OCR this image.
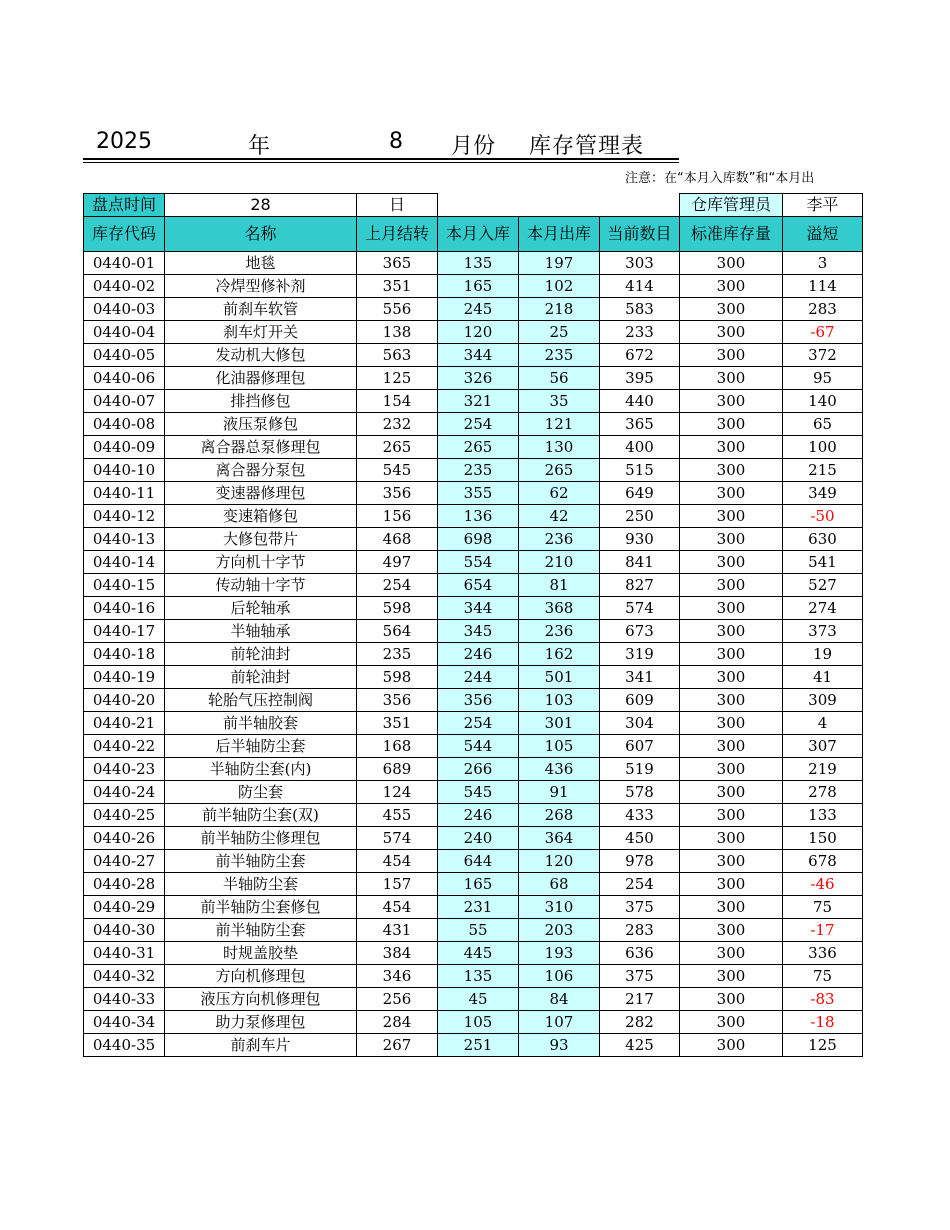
2025	年	8 月份 库存管理表
注意：在“本月入库数”和“本月出
盘点时间	28	日				仓库管理员	李平
库存代码	名称	上月结转	本月入库	本月出库	当前数目	标准库存量	溢短
0440-01	地毯	365	135	197	303	300	3
0440-02	冷焊型修补剂	351	165	102	414	300	114
0440-03	前刹车软管	556	245	218	583	300	283
0440-04	刹车灯开关	138	120	25	233	300	-67
0440-05	发动机大修包	563	344	235	672	300	372
0440-06	化油器修理包	125	326	56	395	300	95
0440-07	排挡修包	154	321	35	440	300	140
0440-08	液压泵修包	232	254	121	365	300	65
0440-09	离合器总泵修理包	265	265	130	400	300	100
0440-10	离合器分泵包	545	235	265	515	300	215
0440-11	变速器修理包	356	355	62	649	300	349
0440-12	变速箱修包	156	136	42	250	300	-50
0440-13	大修包带片	468	698	236	930	300	630
0440-14	方向机十字节	497	554	210	841	300	541
0440-15	传动轴十字节	254	654	81	827	300	527
0440-16	后轮轴承	598	344	368	574	300	274
0440-17	半轴轴承	564	345	236	673	300	373
0440-18	前轮油封	235	246	162	319	300	19
0440-19	前轮油封	598	244	501	341	300	41
0440-20	轮胎气压控制阀	356	356	103	609	300	309
0440-21	前半轴胶套	351	254	301	304	300	4
0440-22	后半轴防尘套	168	544	105	607	300	307
0440-23	半轴防尘套(内)	689	266	436	519	300	219
0440-24	防尘套	124	545	91	578	300	278
0440-25	前半轴防尘套(双)	455	246	268	433	300	133
0440-26	前半轴防尘修理包	574	240	364	450	300	150
0440-27	前半轴防尘套	454	644	120	978	300	678
0440-28	半轴防尘套	157	165	68	254	300	-46
0440-29	前半轴防尘套修包	454	231	310	375	300	75
0440-30	前半轴防尘套	431	55	203	283	300	-17
0440-31	时规盖胶垫	384	445	193	636	300	336
0440-32	方向机修理包	346	135	106	375	300	75
0440-33	液压方向机修理包	256	45	84	217	300	-83
0440-34	助力泵修理包	284	105	107	282	300	-18
0440-35	前刹车片	267	251	93	425	300	125
